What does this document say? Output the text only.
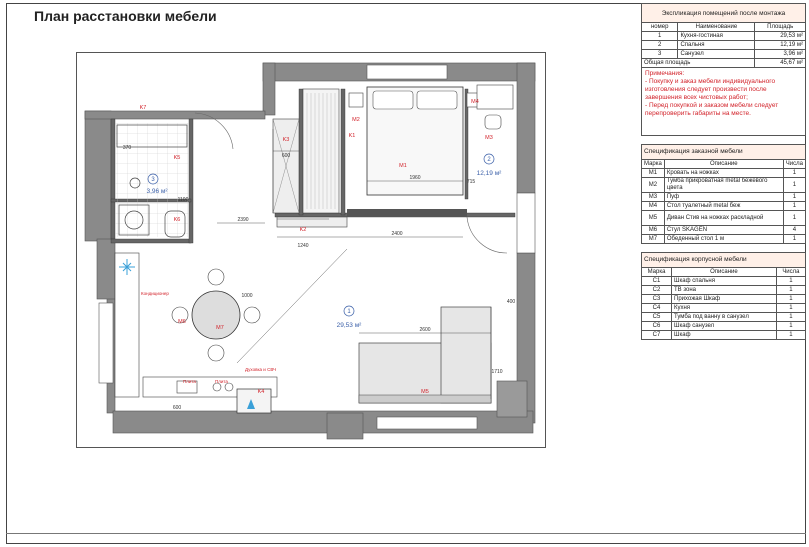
План расстановки мебели
1
29,53 м²
2
12,19 м²
3
3,96 м²
K1
K2
K3
K4
K5
K6
K7
M1
M2
M3
M4
M5
M6
M7
1960
2400
2600
1240
600
370
1710
1100
715
400
1000
600
2390
Кондиционер
Плита	Плита
Духовка и СВЧ
Экспликация помещений после монтажа		
номер	Наименование	Площадь
1	Кухня-гостиная	29,53 м²
2	Спальня	12,19 м²
3	Санузел	3,96 м²
Общая площадь		45,67 м²
Примечания:
- Покупку и заказ мебели индивидуального изготовления следует произвести после завершения всех чистовых работ;
- Перед покупкой и заказом мебели следует перепроверить габариты на месте.
Спецификация заказной мебели		
Марка	Описание	Числа
M1	Кровать на ножках	1
M2	Тумба прикроватная metal бежевого цвета	1
M3	Пуф	1
M4	Стол туалетный metal беж	1
M5	Диван Стив на ножках раскладной	1
M6	Стул SKAGEN	4
M7	Обеденный стол 1 м	1
Спецификация корпусной мебели		
Марка	Описание	Числа
C1	Шкаф спальня	1
C2	ТВ зона	1
C3	Прихожая Шкаф	1
C4	Кухня	1
C5	Тумба под ванну в санузел	1
C6	Шкаф санузел	1
C7	Шкаф	1
